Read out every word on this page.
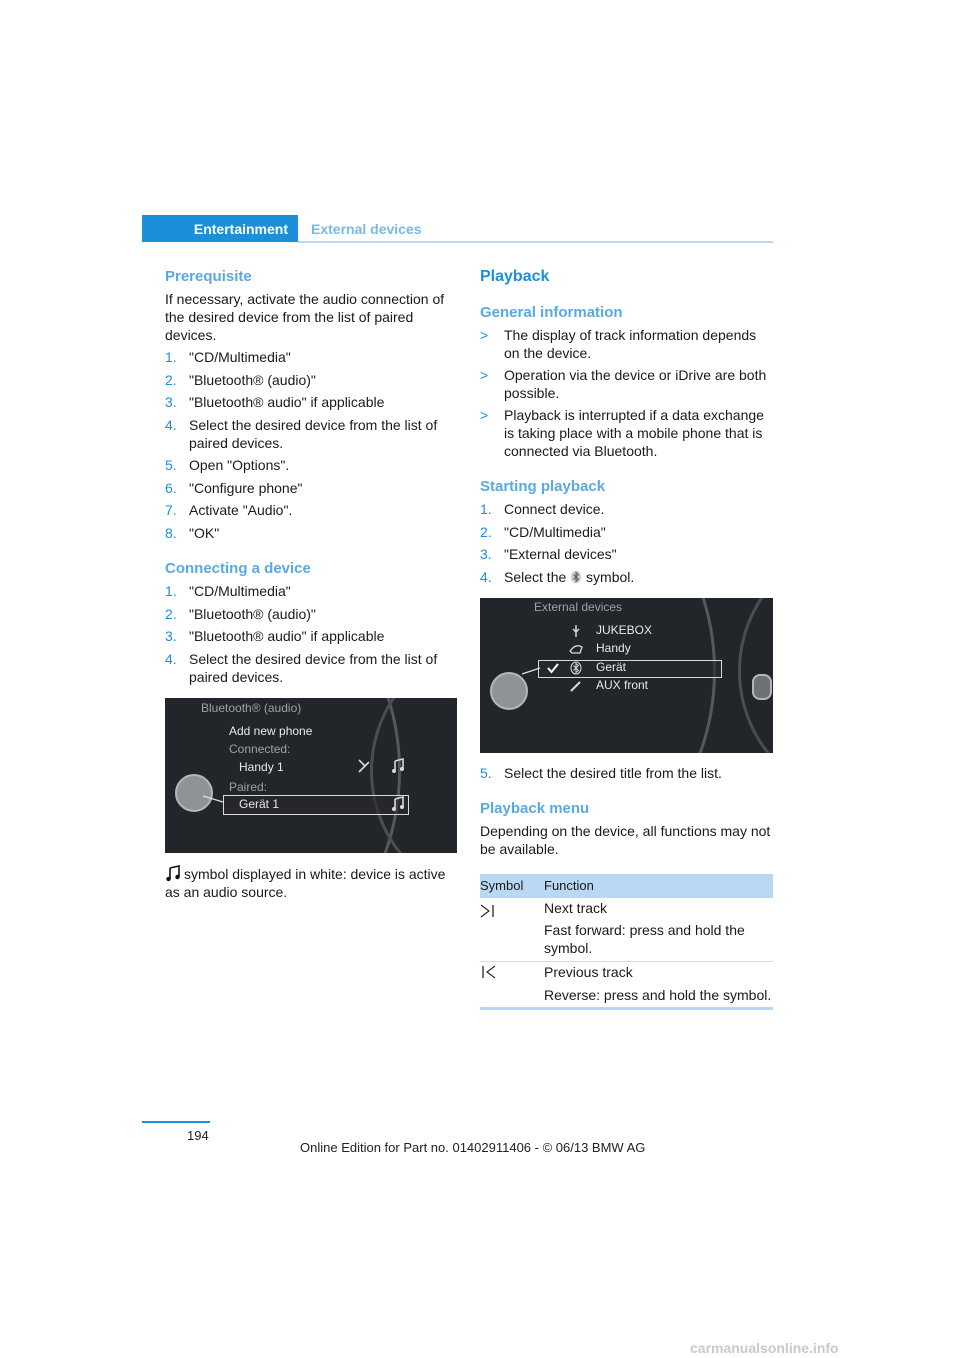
Entertainment External devices
Prerequisite
If necessary, activate the audio connection of the desired device from the list of paired devices.
1. "CD/Multimedia"
2. "Bluetooth® (audio)"
3. "Bluetooth® audio" if applicable
4. Select the desired device from the list of paired devices.
5. Open "Options".
6. "Configure phone"
7. Activate "Audio".
8. "OK"
Connecting a device
1. "CD/Multimedia"
2. "Bluetooth® (audio)"
3. "Bluetooth® audio" if applicable
4. Select the desired device from the list of paired devices.
Bluetooth® (audio)
Add new phone
Connected:
Handy 1
Paired:
Gerät 1
symbol displayed in white: device is active as an audio source.
Playback
General information
> The display of track information depends on the device.
> Operation via the device or iDrive are both possible.
> Playback is interrupted if a data exchange is taking place with a mobile phone that is connected via Bluetooth.
Starting playback
1. Connect device.
2. "CD/Multimedia"
3. "External devices"
4. Select the symbol.
External devices
JUKEBOX
Handy
Gerät
AUX front
5. Select the desired title from the list.
Playback menu
Depending on the device, all functions may not be available.
Symbol Function
Next track
Fast forward: press and hold the symbol.
Previous track
Reverse: press and hold the symbol.
194
Online Edition for Part no. 01402911406 - © 06/13 BMW AG
carmanualsonline.info
